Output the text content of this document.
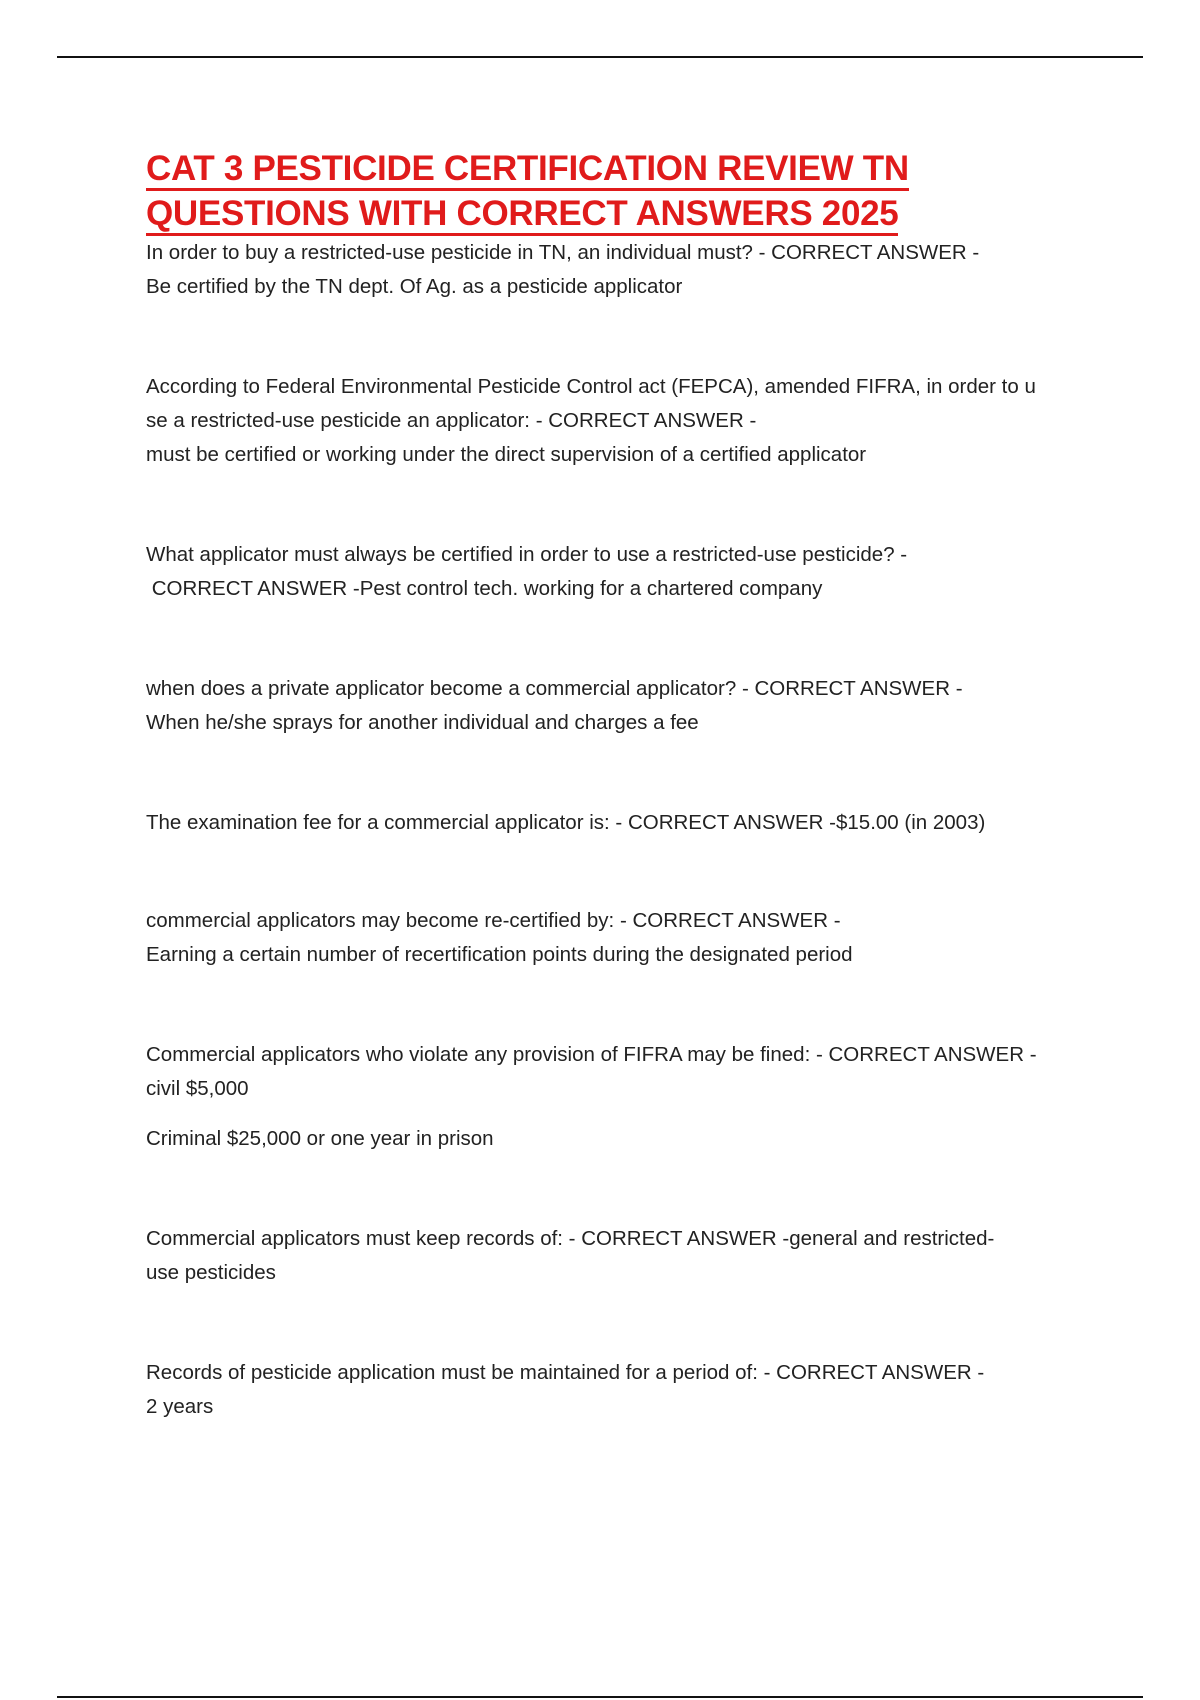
CAT 3 PESTICIDE CERTIFICATION REVIEW TN
QUESTIONS WITH CORRECT ANSWERS 2025

In order to buy a restricted-use pesticide in TN, an individual must? - CORRECT ANSWER -

Be certified by the TN dept. Of Ag. as a pesticide applicator

According to Federal Environmental Pesticide Control act (FEPCA), amended FIFRA, in order to u

se a restricted-use pesticide an applicator: - CORRECT ANSWER -

must be certified or working under the direct supervision of a certified applicator

What applicator must always be certified in order to use a restricted-use pesticide? -

CORRECT ANSWER -Pest control tech. working for a chartered company

when does a private applicator become a commercial applicator? - CORRECT ANSWER -

When he/she sprays for another individual and charges a fee

The examination fee for a commercial applicator is: - CORRECT ANSWER -$15.00 (in 2003)

commercial applicators may become re-certified by: - CORRECT ANSWER -

Earning a certain number of recertification points during the designated period

Commercial applicators who violate any provision of FIFRA may be fined: - CORRECT ANSWER -

civil $5,000

Criminal $25,000 or one year in prison

Commercial applicators must keep records of: - CORRECT ANSWER -general and restricted-

use pesticides

Records of pesticide application must be maintained for a period of: - CORRECT ANSWER -

2 years
